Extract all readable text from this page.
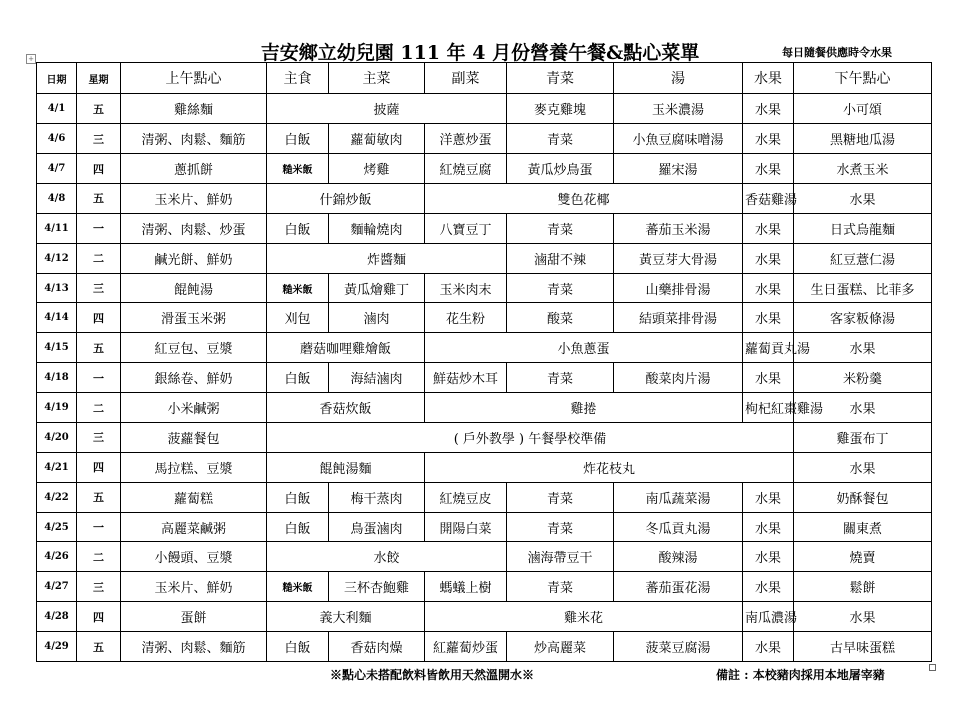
吉安鄉立幼兒園 111 年 4 月份營養午餐&點心菜單	每日隨餐供應時令水果
+
日期	星期	上午點心	主食	主菜	副菜	青菜	湯	水果	下午點心	
4/1	五	雞絲麵	披薩			麥克雞塊	玉米濃湯	水果	小可頌	
4/6	三	清粥、肉鬆、麵筋	白飯	蘿蔔敏肉	洋蔥炒蛋	青菜	小魚豆腐味噌湯	水果	黑糖地瓜湯	
4/7	四	蔥抓餅	糙米飯	烤雞	紅燒豆腐	黃瓜炒鳥蛋	羅宋湯	水果	水煮玉米	
4/8	五	玉米片、鮮奶	什錦炒飯		雙色花椰			香菇雞湯	水果	
4/11	一	清粥、肉鬆、炒蛋	白飯	麵輪燒肉	八寶豆丁	青菜	蕃茄玉米湯	水果	日式烏龍麵	
4/12	二	鹹光餅、鮮奶	炸醬麵			滷甜不辣	黃豆芽大骨湯	水果	紅豆薏仁湯	
4/13	三	餛飩湯	糙米飯	黃瓜燴雞丁	玉米肉末	青菜	山藥排骨湯	水果	生日蛋糕、比菲多	
4/14	四	滑蛋玉米粥	刈包	滷肉	花生粉	酸菜	結頭菜排骨湯	水果	客家粄條湯	
4/15	五	紅豆包、豆漿	蘑菇咖哩雞燴飯		小魚蔥蛋			蘿蔔貢丸湯	水果	
4/18	一	銀絲卷、鮮奶	白飯	海結滷肉	鮮菇炒木耳	青菜	酸菜肉片湯	水果	米粉羹	
4/19	二	小米鹹粥	香菇炊飯		雞捲			枸杞紅棗雞湯	水果	
4/20	三	菠蘿餐包	( 戶外教學 ) 午餐學校準備						雞蛋布丁	
4/21	四	馬拉糕、豆漿	餛飩湯麵		炸花枝丸				水果	
4/22	五	蘿蔔糕	白飯	梅干蒸肉	紅燒豆皮	青菜	南瓜蔬菜湯	水果	奶酥餐包	
4/25	一	高麗菜鹹粥	白飯	鳥蛋滷肉	開陽白菜	青菜	冬瓜貢丸湯	水果	關東煮	
4/26	二	小饅頭、豆漿	水餃			滷海帶豆干	酸辣湯	水果	燒賣	
4/27	三	玉米片、鮮奶	糙米飯	三杯杏鮑雞	螞蟻上樹	青菜	蕃茄蛋花湯	水果	鬆餅	
4/28	四	蛋餅	義大利麵		雞米花			南瓜濃湯	水果	
4/29	五	清粥、肉鬆、麵筋	白飯	香菇肉燥	紅蘿蔔炒蛋	炒高麗菜	菠菜豆腐湯	水果	古早味蛋糕	
※點心未搭配飲料皆飲用天然溫開水※	備註 : 本校豬肉採用本地屠宰豬
